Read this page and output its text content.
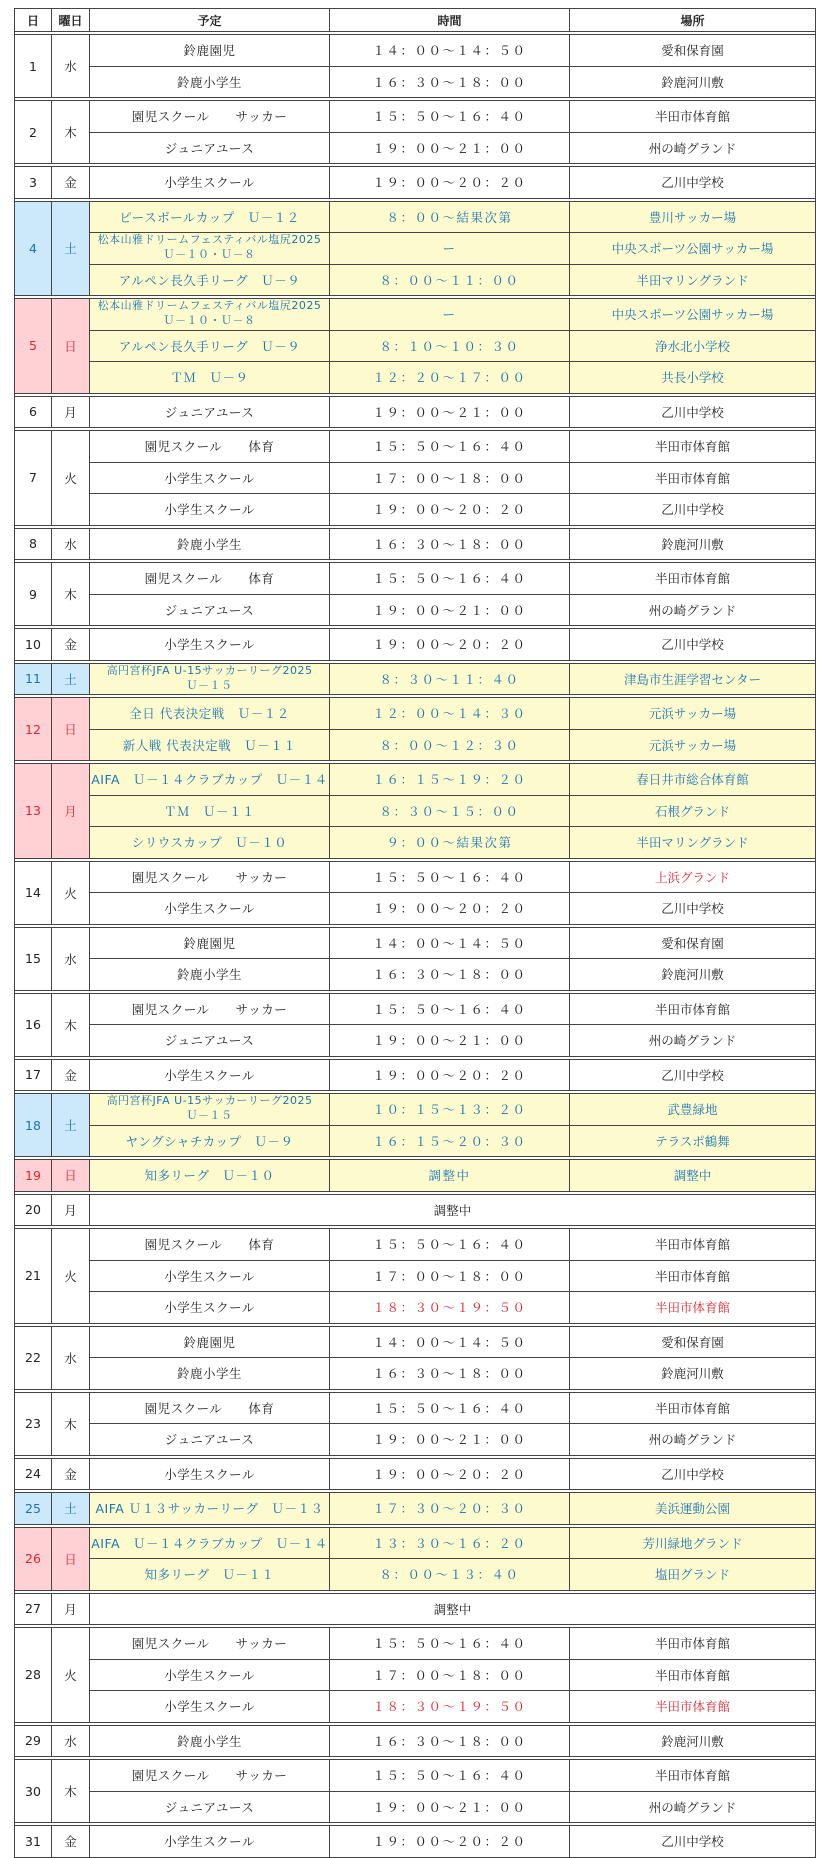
日	曜日	予定	時間	場所

1	水	鈴鹿園児	１４：００～１４：５０	愛和保育園
		鈴鹿小学生	１６：３０～１８：００	鈴鹿河川敷

2	木	園児スクール　　サッカー	１５：５０～１６：４０	半田市体育館
		ジュニアユース	１９：００～２１：００	州の崎グランド

3	金	小学生スクール	１９：００～２０：２０	乙川中学校

4	土	ピースボールカップ　Ｕ－１２	８：００～結果次第	豊川サッカー場
		松本山雅ドリームフェスティバル塩尻2025
Ｕ－１０・Ｕ－８	ー	中央スポーツ公園サッカー場
		アルペン長久手リーグ　Ｕ－９	８：００～１１：００	半田マリングランド

5	日	松本山雅ドリームフェスティバル塩尻2025
Ｕ－１０・Ｕ－８	ー	中央スポーツ公園サッカー場
		アルペン長久手リーグ　Ｕ－９	８：１０～１０：３０	浄水北小学校
		ＴＭ　Ｕ－９	１２：２０～１７：００	共長小学校

6	月	ジュニアユース	１９：００～２１：００	乙川中学校

7	火	園児スクール　　体育	１５：５０～１６：４０	半田市体育館
		小学生スクール	１７：００～１８：００	半田市体育館
		小学生スクール	１９：００～２０：２０	乙川中学校

8	水	鈴鹿小学生	１６：３０～１８：００	鈴鹿河川敷

9	木	園児スクール　　体育	１５：５０～１６：４０	半田市体育館
		ジュニアユース	１９：００～２１：００	州の崎グランド

10	金	小学生スクール	１９：００～２０：２０	乙川中学校

11	土	高円宮杯JFA U-15サッカーリーグ2025
Ｕ－１５	８：３０～１１：４０	津島市生涯学習センター

12	日	全日 代表決定戦　Ｕ－１２	１２：００～１４：３０	元浜サッカー場
		新人戦 代表決定戦　Ｕ－１１	８：００～１２：３０	元浜サッカー場

13	月	AIFA　Ｕ－１４クラブカップ　Ｕ－１４	１６：１５～１９：２０	春日井市総合体育館
		ＴＭ　Ｕ－１１	８：３０～１５：００	石根グランド
		シリウスカップ　Ｕ－１０	９：００～結果次第	半田マリングランド

14	火	園児スクール　　サッカー	１５：５０～１６：４０	上浜グランド
		小学生スクール	１９：００～２０：２０	乙川中学校

15	水	鈴鹿園児	１４：００～１４：５０	愛和保育園
		鈴鹿小学生	１６：３０～１８：００	鈴鹿河川敷

16	木	園児スクール　　サッカー	１５：５０～１６：４０	半田市体育館
		ジュニアユース	１９：００～２１：００	州の崎グランド

17	金	小学生スクール	１９：００～２０：２０	乙川中学校

18	土	高円宮杯JFA U-15サッカーリーグ2025
Ｕ－１５	１０：１５～１３：２０	武豊緑地
		ヤングシャチカップ　Ｕ－９	１６：１５～２０：３０	テラスポ鶴舞

19	日	知多リーグ　Ｕ－１０	調整中	調整中

20	月	調整中		

21	火	園児スクール　　体育	１５：５０～１６：４０	半田市体育館
		小学生スクール	１７：００～１８：００	半田市体育館
		小学生スクール	１８：３０～１９：５０	半田市体育館

22	水	鈴鹿園児	１４：００～１４：５０	愛和保育園
		鈴鹿小学生	１６：３０～１８：００	鈴鹿河川敷

23	木	園児スクール　　体育	１５：５０～１６：４０	半田市体育館
		ジュニアユース	１９：００～２１：００	州の崎グランド

24	金	小学生スクール	１９：００～２０：２０	乙川中学校

25	土	AIFA Ｕ１３サッカーリーグ　Ｕ－１３	１７：３０～２０：３０	美浜運動公園

26	日	AIFA　Ｕ－１４クラブカップ　Ｕ－１４	１３：３０～１６：２０	芳川緑地グランド
		知多リーグ　Ｕ－１１	８：００～１３：４０	塩田グランド

27	月	調整中		

28	火	園児スクール　　サッカー	１５：５０～１６：４０	半田市体育館
		小学生スクール	１７：００～１８：００	半田市体育館
		小学生スクール	１８：３０～１９：５０	半田市体育館

29	水	鈴鹿小学生	１６：３０～１８：００	鈴鹿河川敷

30	木	園児スクール　　サッカー	１５：５０～１６：４０	半田市体育館
		ジュニアユース	１９：００～２１：００	州の崎グランド

31	金	小学生スクール	１９：００～２０：２０	乙川中学校
